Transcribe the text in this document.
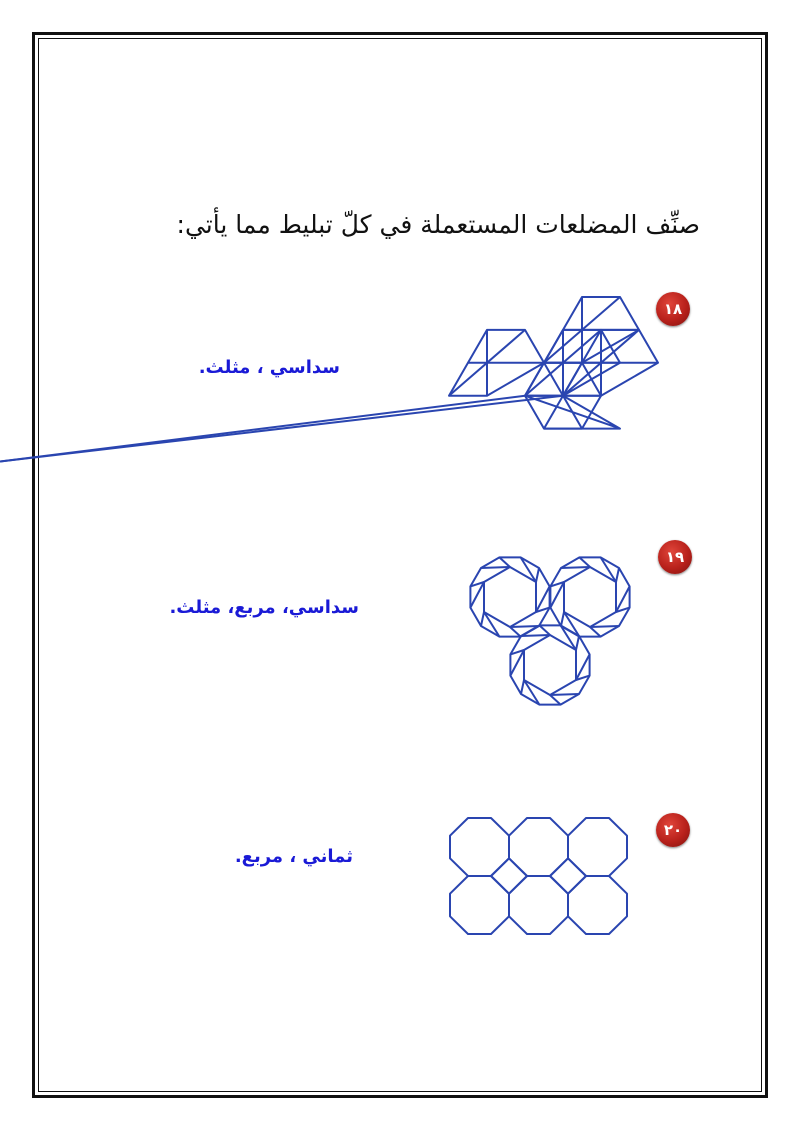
صنِّف المضلعات المستعملة في كلّ تبليط مما يأتي:
١٨

سداسي ، مثلث.

١٩

سداسي، مربع، مثلث.

٢٠

ثماني ، مربع.
